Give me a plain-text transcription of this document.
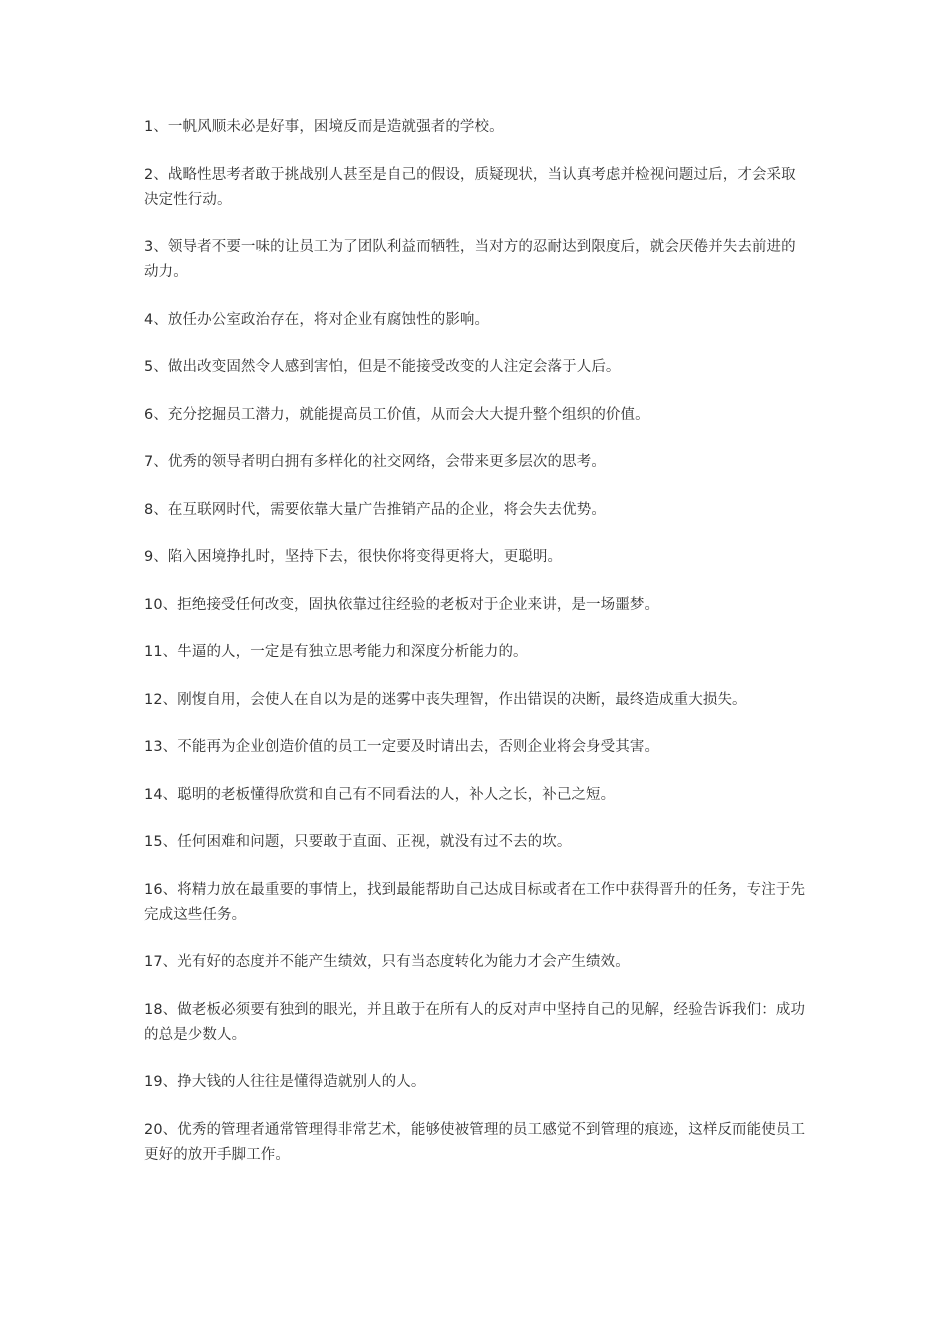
1、一帆风顺未必是好事，困境反而是造就强者的学校。

2、战略性思考者敢于挑战别人甚至是自己的假设，质疑现状，当认真考虑并检视问题过后，才会采取决定性行动。

3、领导者不要一味的让员工为了团队利益而牺牲，当对方的忍耐达到限度后，就会厌倦并失去前进的动力。

4、放任办公室政治存在，将对企业有腐蚀性的影响。

5、做出改变固然令人感到害怕，但是不能接受改变的人注定会落于人后。

6、充分挖掘员工潜力，就能提高员工价值，从而会大大提升整个组织的价值。

7、优秀的领导者明白拥有多样化的社交网络，会带来更多层次的思考。

8、在互联网时代，需要依靠大量广告推销产品的企业，将会失去优势。

9、陷入困境挣扎时，坚持下去，很快你将变得更将大，更聪明。

10、拒绝接受任何改变，固执依靠过往经验的老板对于企业来讲，是一场噩梦。

11、牛逼的人，一定是有独立思考能力和深度分析能力的。

12、刚愎自用，会使人在自以为是的迷雾中丧失理智，作出错误的决断，最终造成重大损失。

13、不能再为企业创造价值的员工一定要及时请出去，否则企业将会身受其害。

14、聪明的老板懂得欣赏和自己有不同看法的人，补人之长，补己之短。

15、任何困难和问题，只要敢于直面、正视，就没有过不去的坎。

16、将精力放在最重要的事情上，找到最能帮助自己达成目标或者在工作中获得晋升的任务，专注于先完成这些任务。

17、光有好的态度并不能产生绩效，只有当态度转化为能力才会产生绩效。

18、做老板必须要有独到的眼光，并且敢于在所有人的反对声中坚持自己的见解，经验告诉我们：成功的总是少数人。

19、挣大钱的人往往是懂得造就别人的人。

20、优秀的管理者通常管理得非常艺术，能够使被管理的员工感觉不到管理的痕迹，这样反而能使员工更好的放开手脚工作。
